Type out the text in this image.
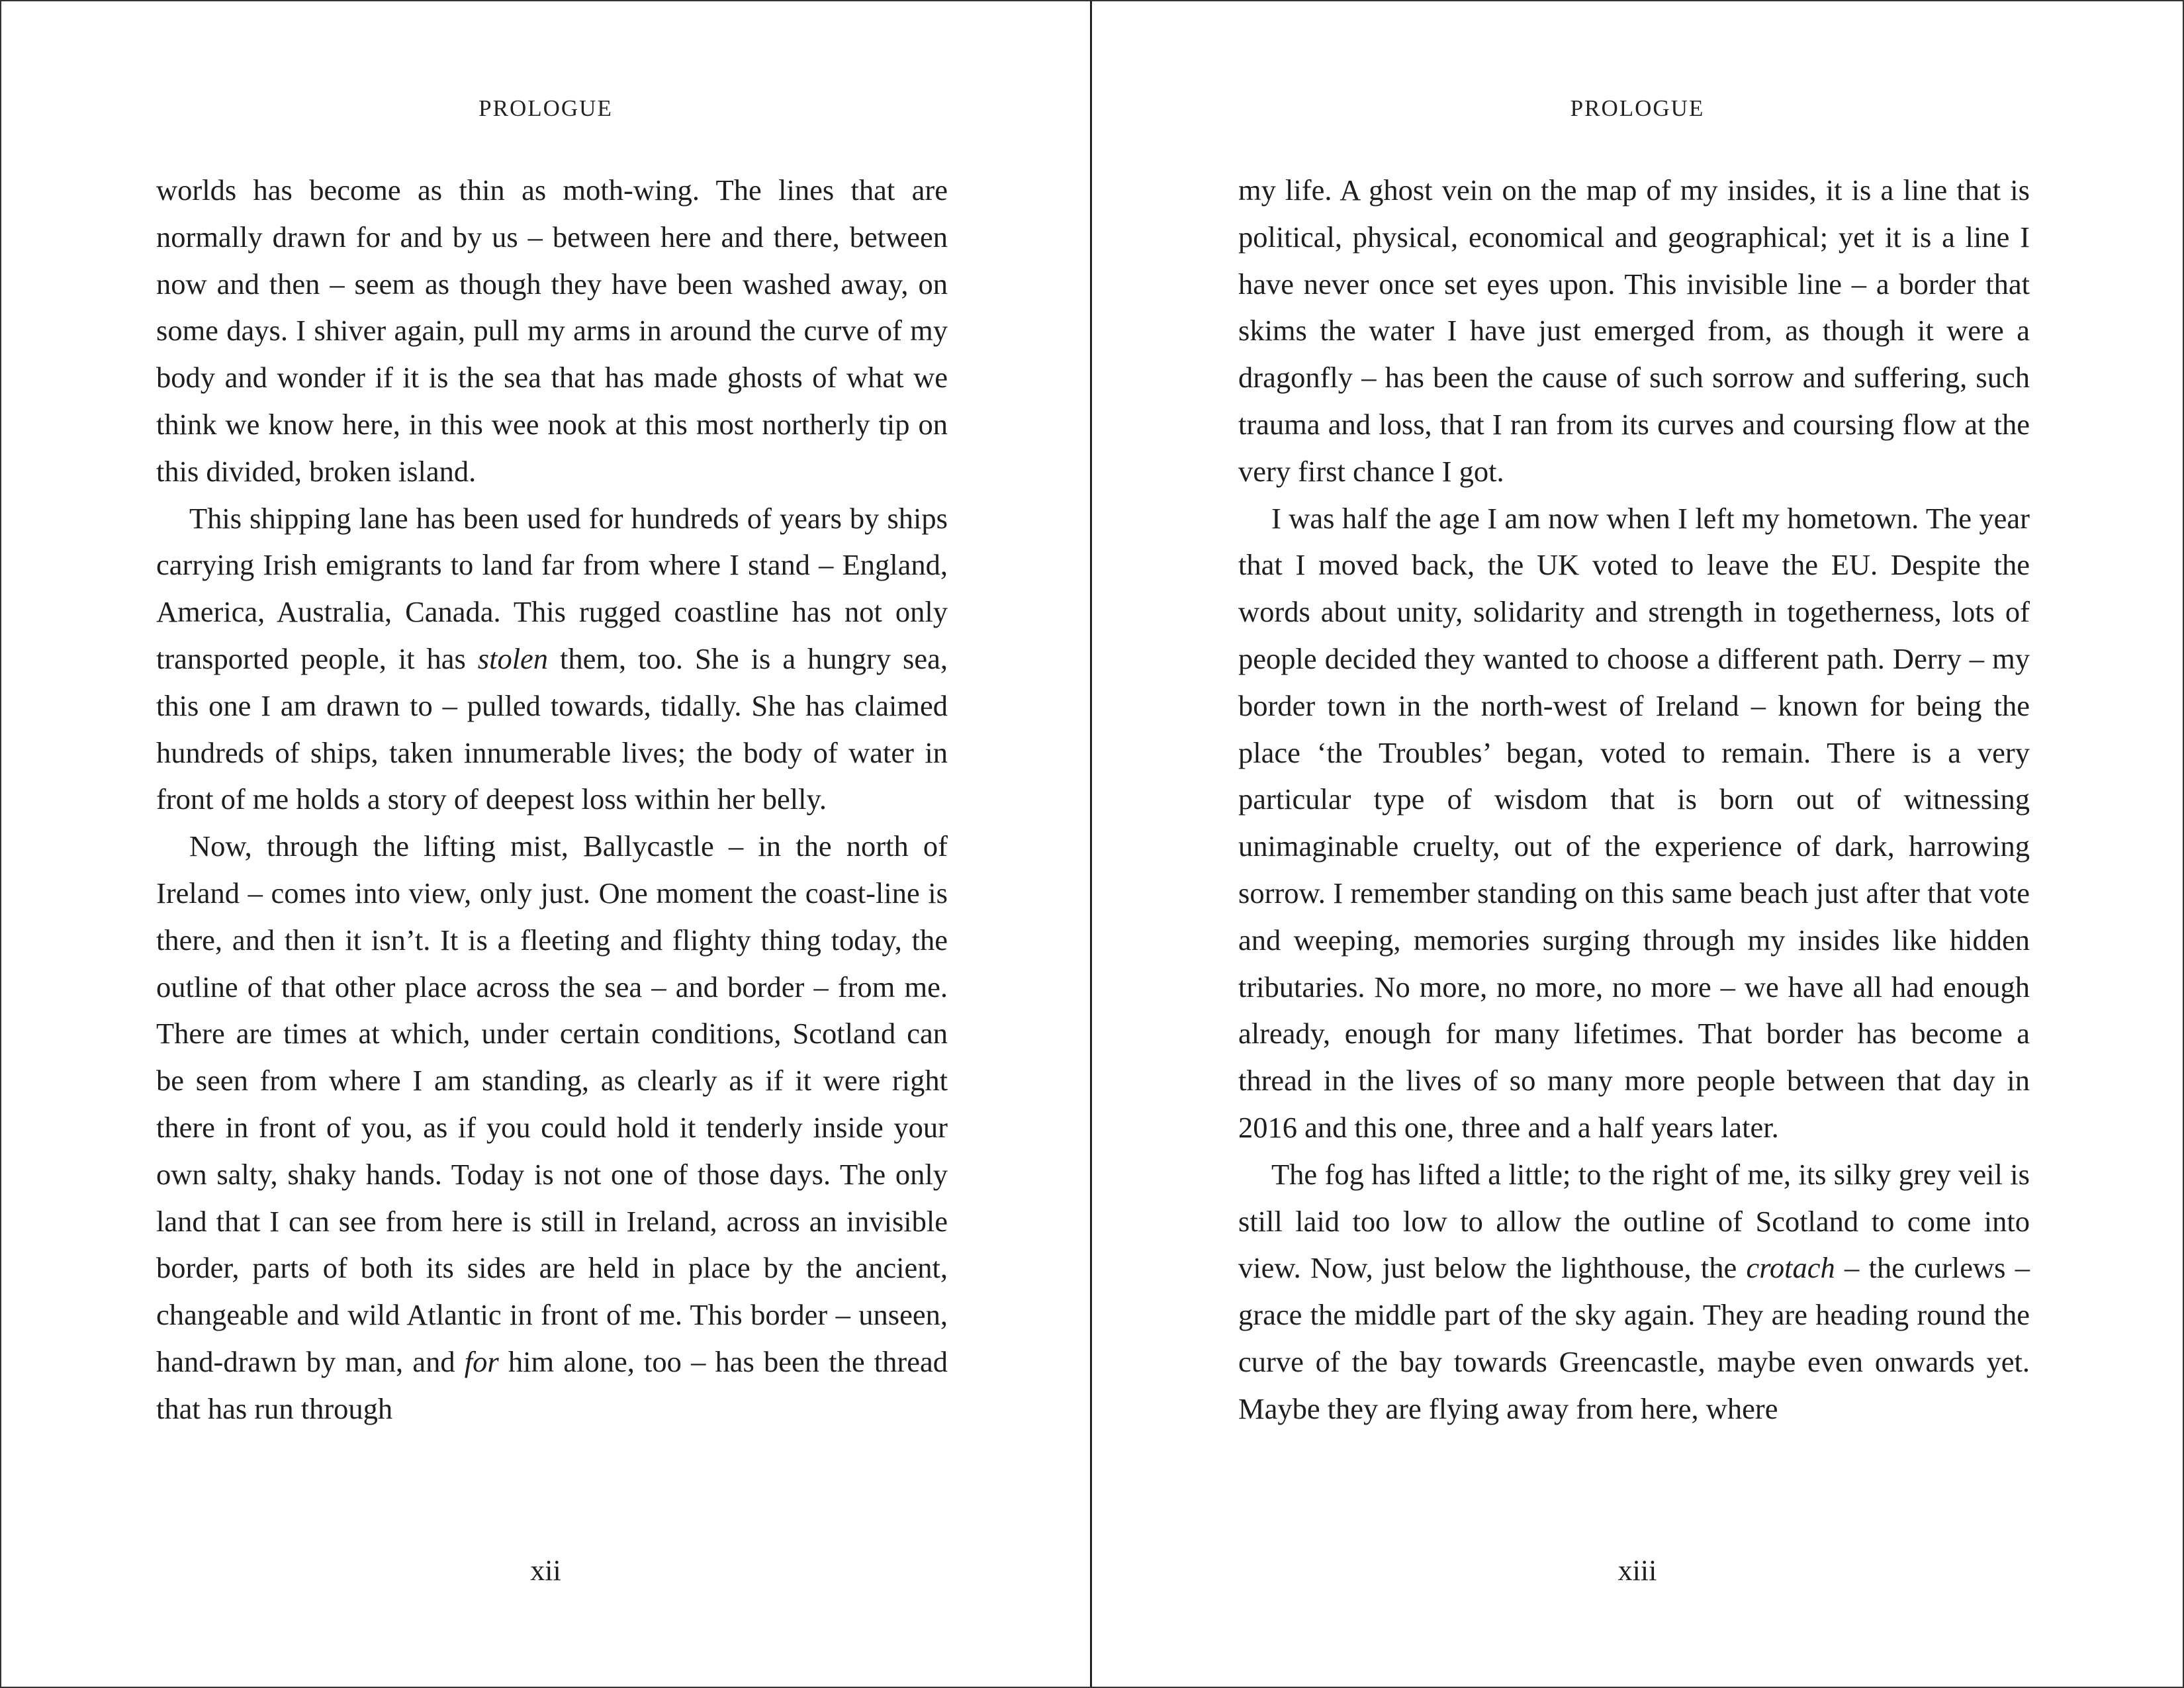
PROLOGUE

worlds has become as thin as moth-wing. The lines that are normally drawn for and by us – between here and there, between now and then – seem as though they have been washed away, on some days. I shiver again, pull my arms in around the curve of my body and wonder if it is the sea that has made ghosts of what we think we know here, in this wee nook at this most northerly tip on this divided, broken island.

This shipping lane has been used for hundreds of years by ships carrying Irish emigrants to land far from where I stand – England, America, Australia, Canada. This rugged coastline has not only transported people, it has stolen them, too. She is a hungry sea, this one I am drawn to – pulled towards, tidally. She has claimed hundreds of ships, taken innumerable lives; the body of water in front of me holds a story of deepest loss within her belly.

Now, through the lifting mist, Ballycastle – in the north of Ireland – comes into view, only just. One moment the coast-line is there, and then it isn’t. It is a fleeting and flighty thing today, the outline of that other place across the sea – and border – from me. There are times at which, under certain conditions, Scotland can be seen from where I am standing, as clearly as if it were right there in front of you, as if you could hold it tenderly inside your own salty, shaky hands. Today is not one of those days. The only land that I can see from here is still in Ireland, across an invisible border, parts of both its sides are held in place by the ancient, changeable and wild Atlantic in front of me. This border – unseen, hand-drawn by man, and for him alone, too – has been the thread that has run through

xii
PROLOGUE

my life. A ghost vein on the map of my insides, it is a line that is political, physical, economical and geographical; yet it is a line I have never once set eyes upon. This invisible line – a border that skims the water I have just emerged from, as though it were a dragonfly – has been the cause of such sorrow and suffering, such trauma and loss, that I ran from its curves and coursing flow at the very first chance I got.

I was half the age I am now when I left my hometown. The year that I moved back, the UK voted to leave the EU. Despite the words about unity, solidarity and strength in togetherness, lots of people decided they wanted to choose a different path. Derry – my border town in the north-west of Ireland – known for being the place ‘the Troubles’ began, voted to remain. There is a very particular type of wisdom that is born out of witnessing unimaginable cruelty, out of the experience of dark, harrowing sorrow. I remember standing on this same beach just after that vote and weeping, memories surging through my insides like hidden tributaries. No more, no more, no more – we have all had enough already, enough for many lifetimes. That border has become a thread in the lives of so many more people between that day in 2016 and this one, three and a half years later.

The fog has lifted a little; to the right of me, its silky grey veil is still laid too low to allow the outline of Scotland to come into view. Now, just below the lighthouse, the crotach – the curlews – grace the middle part of the sky again. They are heading round the curve of the bay towards Greencastle, maybe even onwards yet. Maybe they are flying away from here, where

xiii
